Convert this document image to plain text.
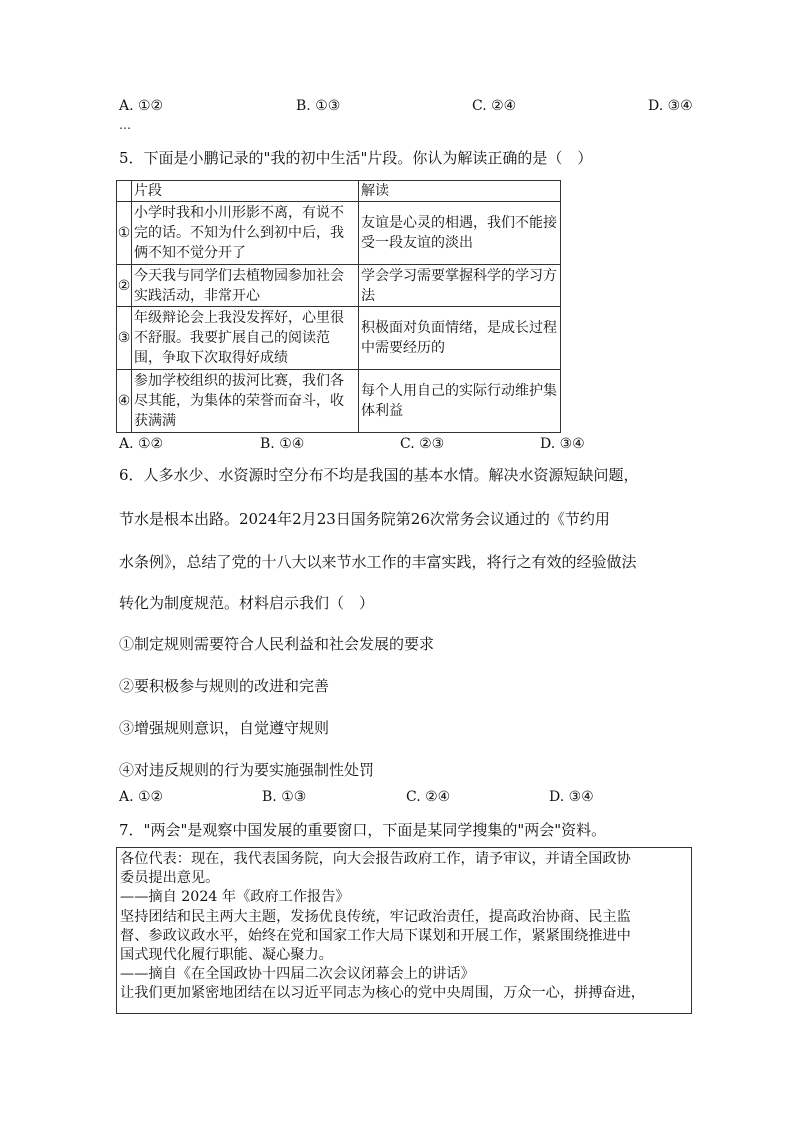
A. ①②	B. ①③	C. ②④	D. ③④
…
5．下面是小鹏记录的"我的初中生活"片段。你认为解读正确的是（　）
	片段	解读
①	小学时我和小川形影不离，有说不完的话。不知为什么到初中后，我俩不知不觉分开了	友谊是心灵的相遇，我们不能接受一段友谊的淡出
②	今天我与同学们去植物园参加社会实践活动，非常开心	学会学习需要掌握科学的学习方法
③	年级辩论会上我没发挥好，心里很不舒服。我要扩展自己的阅读范围，争取下次取得好成绩	积极面对负面情绪，是成长过程中需要经历的
④	参加学校组织的拔河比赛，我们各尽其能，为集体的荣誉而奋斗，收获满满	每个人用自己的实际行动维护集体利益
A. ①②	B. ①④	C. ②③	D. ③④
6．人多水少、水资源时空分布不均是我国的基本水情。解决水资源短缺问题，
节水是根本出路。2024年2月23日国务院第26次常务会议通过的《节约用
水条例》，总结了党的十八大以来节水工作的丰富实践，将行之有效的经验做法
转化为制度规范。材料启示我们（　）
①制定规则需要符合人民利益和社会发展的要求
②要积极参与规则的改进和完善
③增强规则意识，自觉遵守规则
④对违反规则的行为要实施强制性处罚
A. ①②	B. ①③	C. ②④	D. ③④
7．"两会"是观察中国发展的重要窗口，下面是某同学搜集的"两会"资料。

各位代表：现在，我代表国务院，向大会报告政府工作，请予审议，并请全国政协

委员提出意见。

——摘自 2024 年《政府工作报告》

坚持团结和民主两大主题，发扬优良传统，牢记政治责任，提高政治协商、民主监

督、参政议政水平，始终在党和国家工作大局下谋划和开展工作，紧紧围绕推进中

国式现代化履行职能、凝心聚力。

——摘自《在全国政协十四届二次会议闭幕会上的讲话》

让我们更加紧密地团结在以习近平同志为核心的党中央周围，万众一心，拼搏奋进，
